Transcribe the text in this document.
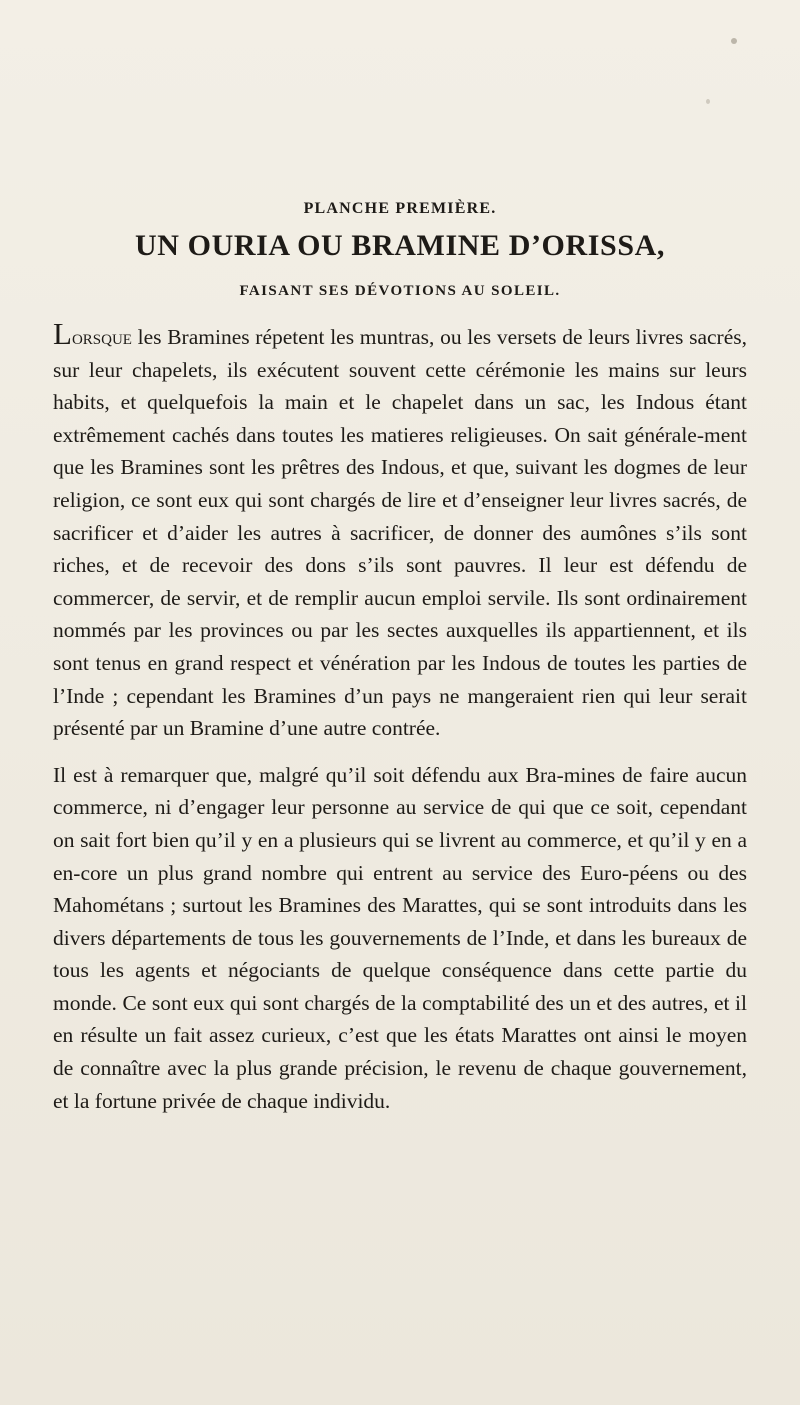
PLANCHE PREMIÈRE.
UN OURIA OU BRAMINE D’ORISSA,
FAISANT SES DÉVOTIONS AU SOLEIL.

Lorsque les Bramines répetent les muntras, ou les versets de leurs livres sacrés, sur leur chapelets, ils exécutent souvent cette cérémonie les mains sur leurs habits, et quelquefois la main et le chapelet dans un sac, les Indous étant extrêmement cachés dans toutes les matieres religieuses. On sait générale-ment que les Bramines sont les prêtres des Indous, et que, suivant les dogmes de leur religion, ce sont eux qui sont chargés de lire et d’enseigner leur livres sacrés, de sacrificer et d’aider les autres à sacrificer, de donner des aumônes s’ils sont riches, et de recevoir des dons s’ils sont pauvres. Il leur est défendu de commercer, de servir, et de remplir aucun emploi servile. Ils sont ordinairement nommés par les provinces ou par les sectes auxquelles ils appartiennent, et ils sont tenus en grand respect et vénération par les Indous de toutes les parties de l’Inde ; cependant les Bramines d’un pays ne mangeraient rien qui leur serait présenté par un Bramine d’une autre contrée.

Il est à remarquer que, malgré qu’il soit défendu aux Bra-mines de faire aucun commerce, ni d’engager leur personne au service de qui que ce soit, cependant on sait fort bien qu’il y en a plusieurs qui se livrent au commerce, et qu’il y en a en-core un plus grand nombre qui entrent au service des Euro-péens ou des Mahométans ; surtout les Bramines des Marattes, qui se sont introduits dans les divers départements de tous les gouvernements de l’Inde, et dans les bureaux de tous les agents et négociants de quelque conséquence dans cette partie du monde. Ce sont eux qui sont chargés de la comptabilité des un et des autres, et il en résulte un fait assez curieux, c’est que les états Marattes ont ainsi le moyen de connaître avec la plus grande précision, le revenu de chaque gouvernement, et la fortune privée de chaque individu.
